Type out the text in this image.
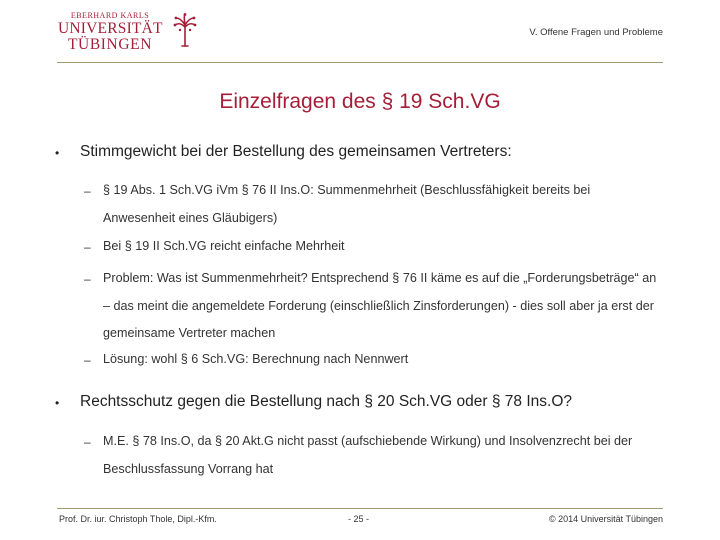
EBERHARD KARLS
UNIVERSITÄT
TÜBINGEN
V. Offene Fragen und Probleme
Einzelfragen des § 19 Sch.VG
• Stimmgewicht bei der Bestellung des gemeinsamen Vertreters:
– § 19 Abs. 1 Sch.VG iVm § 76 II Ins.O: Summenmehrheit (Beschlussfähigkeit bereits bei Anwesenheit eines Gläubigers)
– Bei § 19 II Sch.VG reicht einfache Mehrheit
– Problem: Was ist Summenmehrheit? Entsprechend § 76 II käme es auf die „Forderungsbeträge“ an – das meint die angemeldete Forderung (einschließlich Zinsforderungen) - dies soll aber ja erst der gemeinsame Vertreter machen
– Lösung: wohl § 6 Sch.VG: Berechnung nach Nennwert
• Rechtsschutz gegen die Bestellung nach § 20 Sch.VG oder § 78 Ins.O?
– M.E. § 78 Ins.O, da § 20 Akt.G nicht passt (aufschiebende Wirkung) und Insolvenzrecht bei der Beschlussfassung Vorrang hat
Prof. Dr. iur. Christoph Thole, Dipl.-Kfm.	- 25 -	© 2014 Universität Tübingen
